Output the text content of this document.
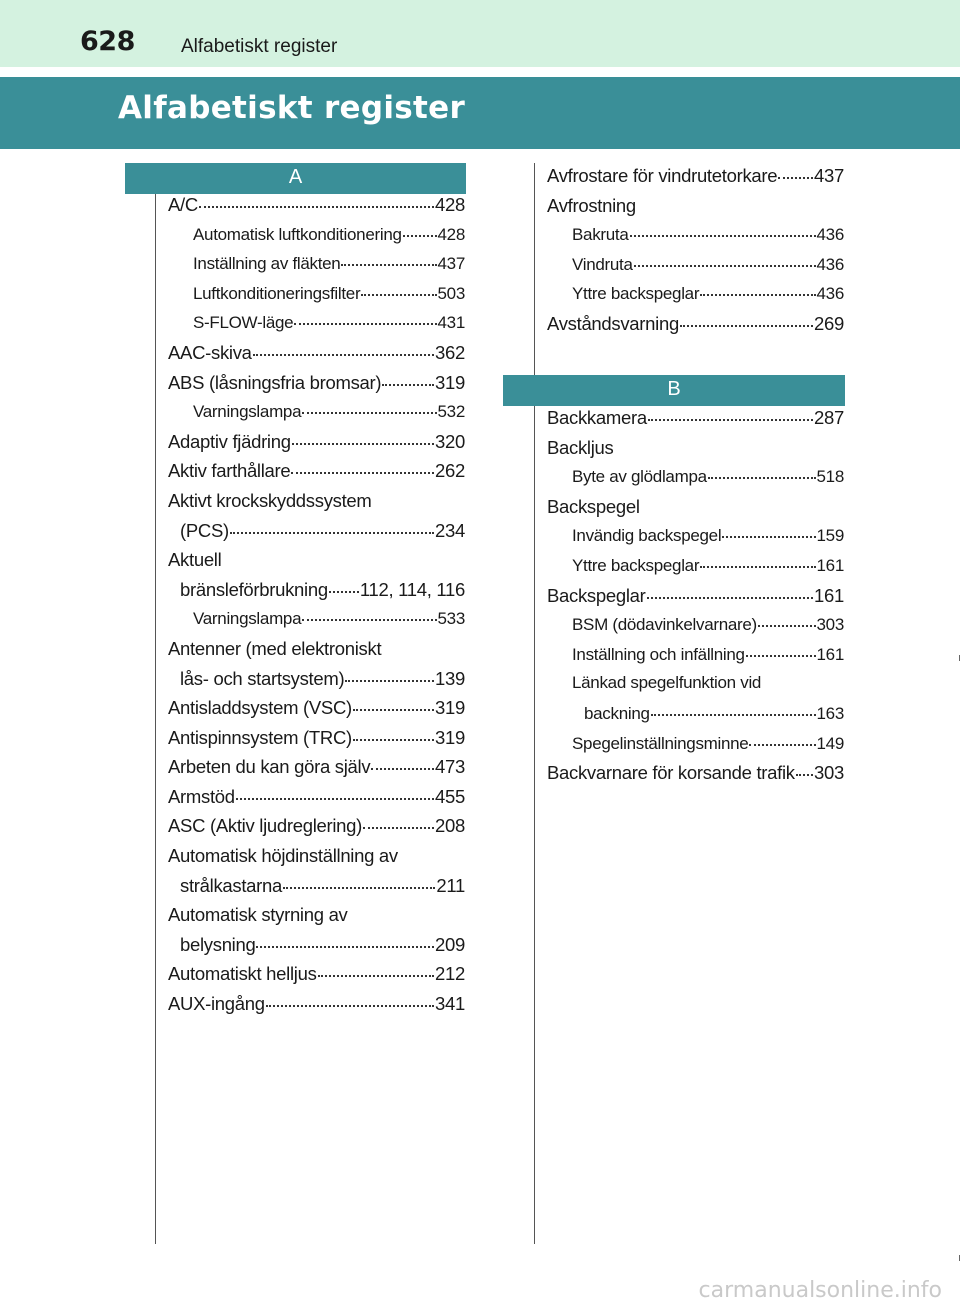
628 Alfabetiskt register
Alfabetiskt register
A
A/C	428
Automatisk luftkonditionering 428
Inställning av fläkten	437
Luftkonditioneringsfilter	503
S-FLOW-läge	431
AAC-skiva	362
ABS (låsningsfria bromsar)	319
Varningslampa	532
Adaptiv fjädring	320
Aktiv farthållare	262
Aktivt krockskyddssystem
(PCS)	234
Aktuell
bränsleförbrukning 112, 114, 116
Varningslampa	533
Antenner (med elektroniskt
lås- och startsystem)	139
Antisladdsystem (VSC)	319
Antispinnsystem (TRC)	319
Arbeten du kan göra själv	473
Armstöd	455
ASC (Aktiv ljudreglering)	208
Automatisk höjdinställning av
strålkastarna	211
Automatisk styrning av
belysning	209
Automatiskt helljus	212
AUX-ingång	341
Avfrostare för vindrutetorkare 437
Avfrostning
Bakruta	436
Vindruta	436
Yttre backspeglar	436
Avståndsvarning	269
B
Backkamera	287
Backljus
Byte av glödlampa	518
Backspegel
Invändig backspegel	159
Yttre backspeglar	161
Backspeglar	161
BSM (dödavinkelvarnare)	303
Inställning och infällning	161
Länkad spegelfunktion vid
backning	163
Spegelinställningsminne	149
Backvarnare för korsande trafik 303
carmanualsonline.info
